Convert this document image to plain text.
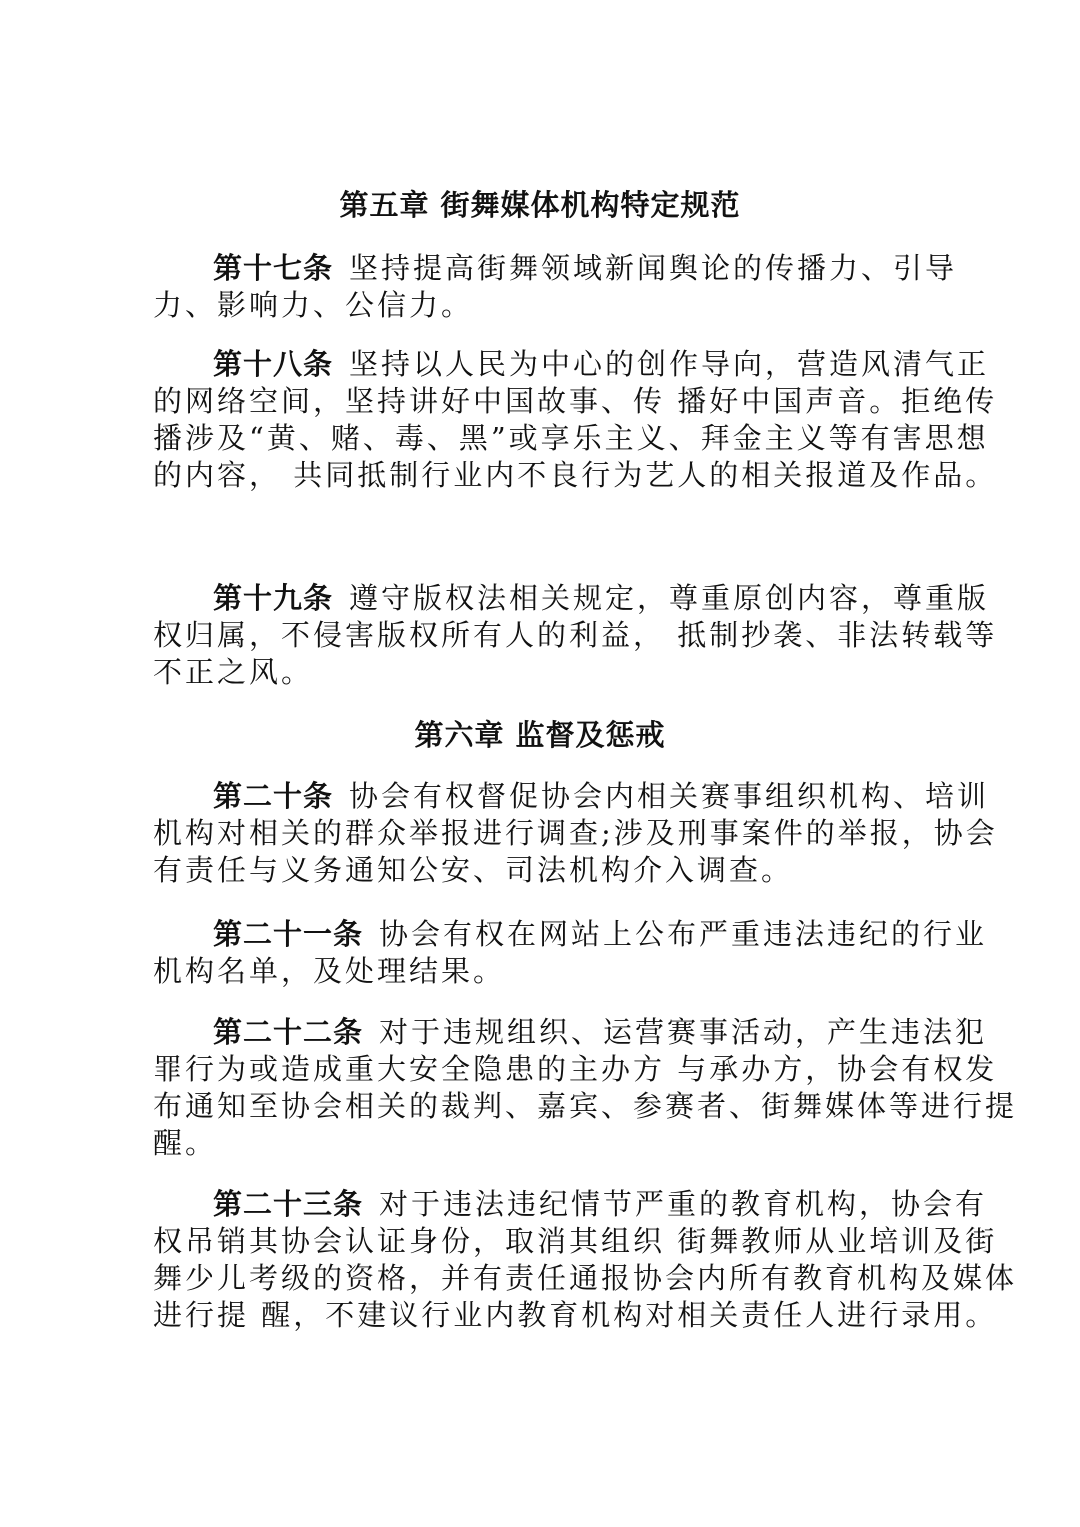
第五章 街舞媒体机构特定规范
第十七条 坚持提高街舞领域新闻舆论的传播力、引导
力、影响力、公信力。
第十八条 坚持以人民为中心的创作导向，营造风清气正
的网络空间，坚持讲好中国故事、传 播好中国声音。拒绝传
播涉及“黄、赌、毒、黑”或享乐主义、拜金主义等有害思想
的内容， 共同抵制行业内不良行为艺人的相关报道及作品。
第十九条 遵守版权法相关规定，尊重原创内容，尊重版
权归属，不侵害版权所有人的利益， 抵制抄袭、非法转载等
不正之风。
第六章 监督及惩戒
第二十条 协会有权督促协会内相关赛事组织机构、培训
机构对相关的群众举报进行调查;涉及刑事案件的举报，协会
有责任与义务通知公安、司法机构介入调查。
第二十一条 协会有权在网站上公布严重违法违纪的行业
机构名单，及处理结果。
第二十二条 对于违规组织、运营赛事活动，产生违法犯
罪行为或造成重大安全隐患的主办方 与承办方，协会有权发
布通知至协会相关的裁判、嘉宾、参赛者、街舞媒体等进行提
醒。
第二十三条 对于违法违纪情节严重的教育机构，协会有
权吊销其协会认证身份，取消其组织 街舞教师从业培训及街
舞少儿考级的资格，并有责任通报协会内所有教育机构及媒体
进行提 醒，不建议行业内教育机构对相关责任人进行录用。
